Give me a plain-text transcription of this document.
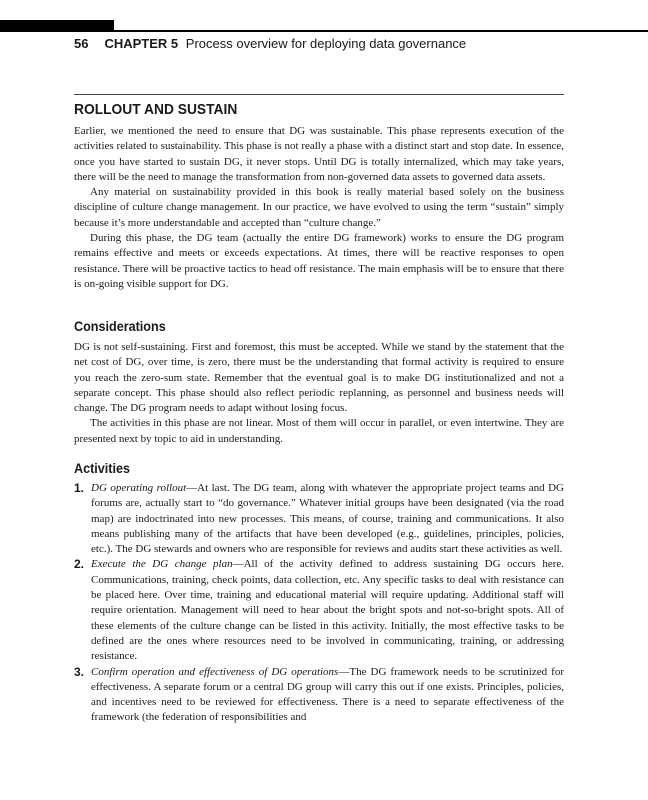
56 CHAPTER 5 Process overview for deploying data governance
ROLLOUT AND SUSTAIN

Earlier, we mentioned the need to ensure that DG was sustainable. This phase represents execution of the activities related to sustainability. This phase is not really a phase with a distinct start and stop date. In essence, once you have started to sustain DG, it never stops. Until DG is totally internalized, which may take years, there will be the need to manage the transformation from non-governed data assets to governed data assets.

Any material on sustainability provided in this book is really material based solely on the business discipline of culture change management. In our practice, we have evolved to using the term “sustain” simply because it’s more understandable and accepted than “culture change.”

During this phase, the DG team (actually the entire DG framework) works to ensure the DG program remains effective and meets or exceeds expectations. At times, there will be reactive responses to open resistance. There will be proactive tactics to head off resistance. The main emphasis will be to ensure that there is on-going visible support for DG.

Considerations

DG is not self-sustaining. First and foremost, this must be accepted. While we stand by the statement that the net cost of DG, over time, is zero, there must be the understanding that formal activity is required to ensure you reach the zero-sum state. Remember that the eventual goal is to make DG institutionalized and not a separate concept. This phase should also reflect periodic replanning, as personnel and business needs will change. The DG program needs to adapt without losing focus.

The activities in this phase are not linear. Most of them will occur in parallel, or even intertwine. They are presented next by topic to aid in understanding.

Activities
1. DG operating rollout—At last. The DG team, along with whatever the appropriate project teams and DG forums are, actually start to “do governance.” Whatever initial groups have been designated (via the road map) are indoctrinated into new processes. This means, of course, training and communications. It also means publishing many of the artifacts that have been developed (e.g., guidelines, principles, policies, etc.). The DG stewards and owners who are responsible for reviews and audits start these activities as well.
2. Execute the DG change plan—All of the activity defined to address sustaining DG occurs here. Communications, training, check points, data collection, etc. Any specific tasks to deal with resistance can be placed here. Over time, training and educational material will require updating. Additional staff will require orientation. Management will need to hear about the bright spots and not-so-bright spots. All of these elements of the culture change can be listed in this activity. Initially, the most effective tasks to be defined are the ones where resources need to be involved in communicating, training, or addressing resistance.
3. Confirm operation and effectiveness of DG operations—The DG framework needs to be scrutinized for effectiveness. A separate forum or a central DG group will carry this out if one exists. Principles, policies, and incentives need to be reviewed for effectiveness. There is a need to separate effectiveness of the framework (the federation of responsibilities and
